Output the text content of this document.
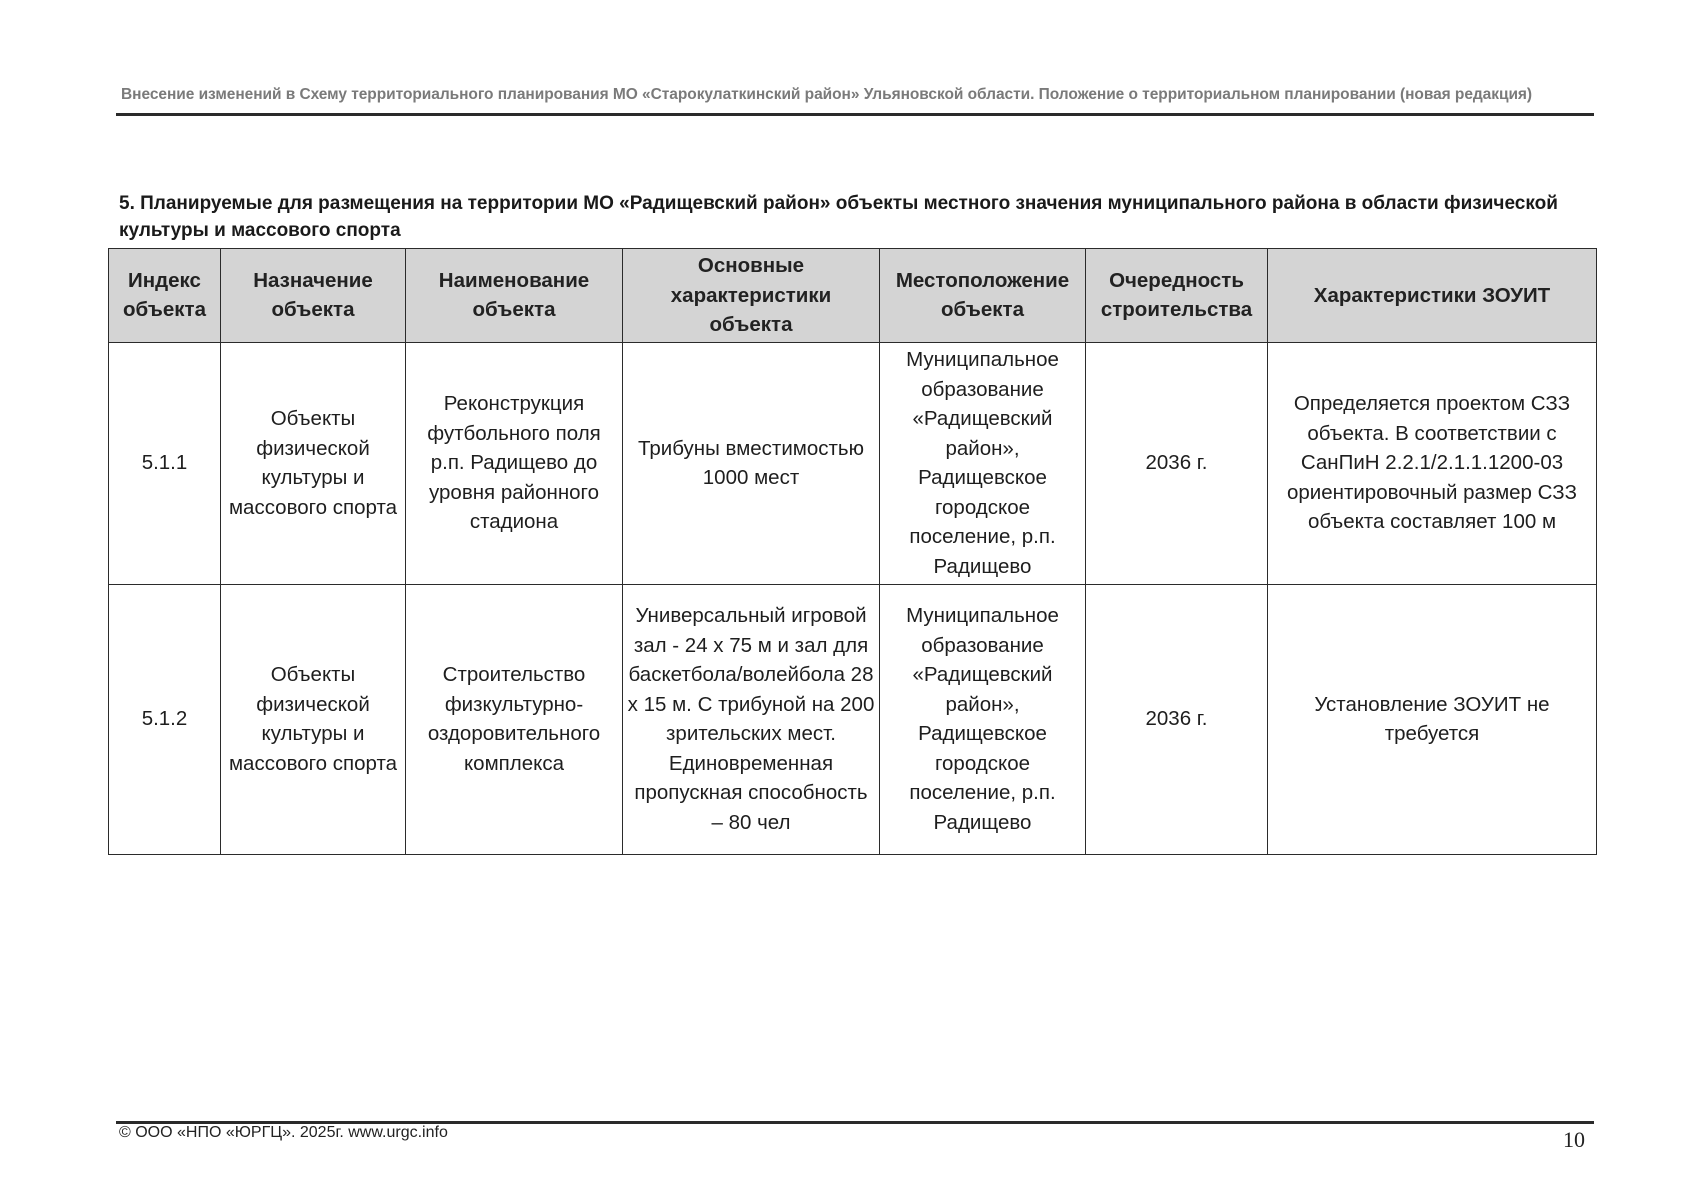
Внесение изменений в Схему территориального планирования МО «Старокулаткинский район» Ульяновской области. Положение о территориальном планировании (новая редакция)
5. Планируемые для размещения на территории МО «Радищевский район» объекты местного значения муниципального района в области физической культуры и массового спорта
Индекс объекта	Назначение объекта	Наименование объекта	Основные характеристики объекта	Местоположение объекта	Очередность строительства	Характеристики ЗОУИТ
5.1.1	Объекты физической культуры и массового спорта	Реконструкция футбольного поля р.п. Радищево до уровня районного стадиона	Трибуны вместимостью 1000 мест	Муниципальное образование «Радищевский район», Радищевское городское поселение, р.п. Радищево	2036 г.	Определяется проектом СЗЗ объекта. В соответствии с СанПиН 2.2.1/2.1.1.1200-03 ориентировочный размер СЗЗ объекта составляет 100 м
5.1.2	Объекты физической культуры и массового спорта	Строительство физкультурно-оздоровительного комплекса	Универсальный игровой зал - 24 х 75 м и зал для баскетбола/волейбола 28 х 15 м. С трибуной на 200 зрительских мест. Единовременная пропускная способность – 80 чел	Муниципальное образование «Радищевский район», Радищевское городское поселение, р.п. Радищево	2036 г.	Установление ЗОУИТ не требуется
© ООО «НПО «ЮРГЦ». 2025г. www.urgc.info	10
